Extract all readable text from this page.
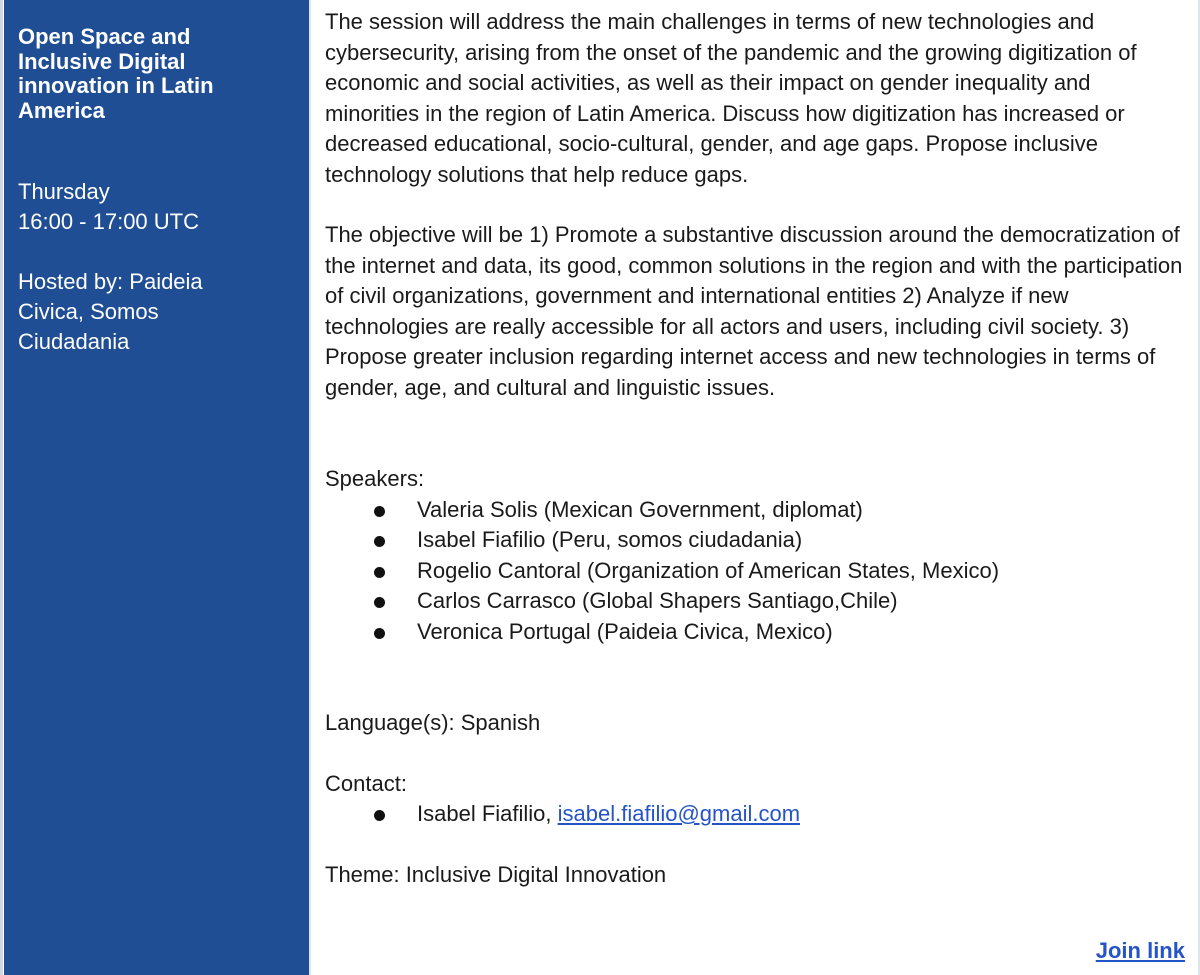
Open Space and Inclusive Digital innovation in Latin America

Thursday

16:00 - 17:00 UTC

Hosted by: Paideia Civica, Somos Ciudadania

The session will address the main challenges in terms of new technologies and cybersecurity, arising from the onset of the pandemic and the growing digitization of economic and social activities, as well as their impact on gender inequality and minorities in the region of Latin America. Discuss how digitization has increased or decreased educational, socio-cultural, gender, and age gaps. Propose inclusive technology solutions that help reduce gaps.

The objective will be 1) Promote a substantive discussion around the democratization of the internet and data, its good, common solutions in the region and with the participation of civil organizations, government and international entities 2) Analyze if new technologies are really accessible for all actors and users, including civil society. 3) Propose greater inclusion regarding internet access and new technologies in terms of gender, age, and cultural and linguistic issues.

Speakers:

Valeria Solis (Mexican Government, diplomat)
Isabel Fiafilio (Peru, somos ciudadania)
Rogelio Cantoral (Organization of American States, Mexico)
Carlos Carrasco (Global Shapers Santiago,Chile)
Veronica Portugal (Paideia Civica, Mexico)

Language(s): Spanish

Contact:

Isabel Fiafilio, isabel.fiafilio@gmail.com

Theme: Inclusive Digital Innovation

Join link
